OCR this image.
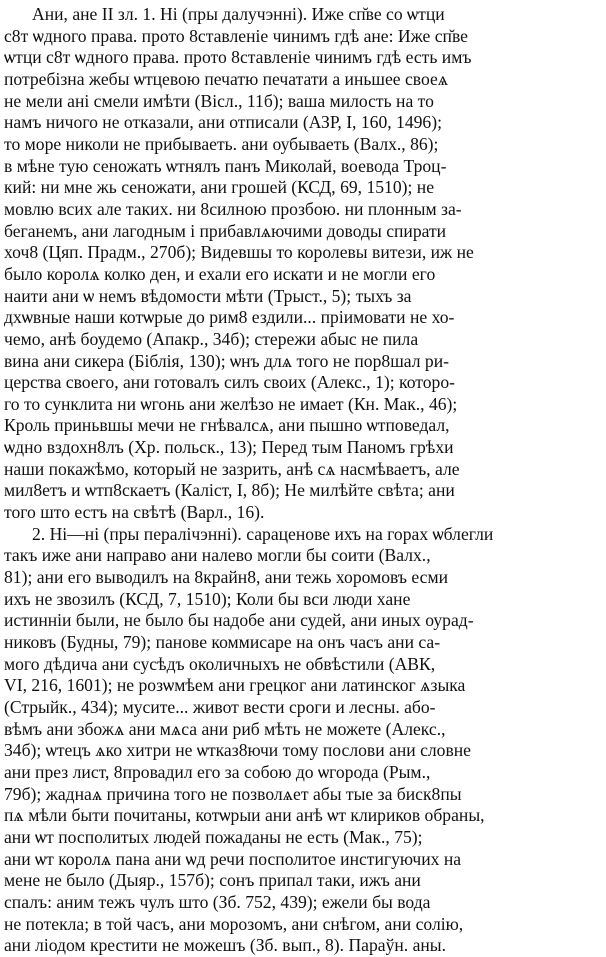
Ани, ане II зл. 1. Ні (пры далучэнні). Иже сп̆ве со ѡтци
с8т ѡдного права. прото 8ставленіе чинимъ гдѣ ане: Иже сп̆ве
ѡтци с8т ѡдного права. прото 8ставленіе чинимъ гдѣ есть имъ
потребізна жебы ѡтцевою печатю печатати а иньшее своеѧ
не мели ані смели имѣти (Вісл., 11б); ваша милость на то
намъ ничого не отказали, ани отписали (АЗР, І, 160, 1496);
то море николи не прибываеть. ани оубываеть (Валх., 86);
в мѣне тую сеножать ѡтнялъ панъ Миколай, воевода Троц-
кий: ни мне жь сеножати, ани грошей (КСД, 69, 1510); не
мовлю всих але таких. ни 8силною прозбою. ни плонным за-
беганемъ, ани лагодным і прибавлѧючими доводы спирати
хоч8 (Цяп. Прадм., 270б); Видевшы то королевы витези, иж не
было королѧ колко ден, и ехали его искати и не могли его
наити ани ѡ немъ вѣдомости мѣти (Трыст., 5); тыхъ за
дхѡвные наши котѡрые до рим8 ездили... пріимовати не хо-
чемо, анѣ боудемо (Апакр., 34б); стережи абыс не пила
вина ани сикера (Біблія, 130); ѡнъ длѧ того не пор8шал ри-
церства своего, ани готовалъ силъ своих (Алекс., 1); которо-
го то сунклита ни ѡгонь ани желѣзо не имает (Кн. Мак., 46);
Кроль приньвшы мечи не гнѣвалсѧ, ани пышно ѡтповедал,
ѡдно вздохн8лъ (Хр. польск., 13); Перед тым Паномъ грѣхи
наши покажѣмо, который не зазрить, анѣ сѧ насмѣваетъ, але
мил8етъ и ѡтп8скаетъ (Каліст, І, 8б); Не милѣйте свѣта; ани
того што естъ на свѣтѣ (Варл., 16).
2. Ні—ні (пры пералічэнні). сараценове ихъ на горах ѡблегли
такъ иже ани направо ани налево могли бы соити (Валх.,
81); ани его выводилъ на 8крайн8, ани тежь хоромовъ есми
ихъ не звозилъ (КСД, 7, 1510); Коли бы вси люди хане
истинніи были, не было бы надобе ани судей, ани иных оурад-
никовъ (Будны, 79); панове коммисаре на онъ часъ ани са-
мого дѣдича ани сусѣдъ околичныхъ не обвѣстили (АВК,
VI, 216, 1601); не розѡмѣем ани грецког ани латинског ѧзыка
(Стрыйк., 434); мусите... живот вести сроги и лесны. або-
вѣмъ ани збожѧ ани мѧса ани риб мѣть не можете (Алекс.,
34б); ѡтецъ ѧко хитри не ѡтказ8ючи тому послови ани словне
ани през лист, 8провадил его за собою до ѡгорода (Рым.,
79б); жаднаѧ причина того не позволѧет абы тые за биск8пы
пѧ мѣли быти почитаны, котѡрыи ани анѣ ѡт клириков обраны,
ани ѡт посполитых людей пожаданы не есть (Мак., 75);
ани ѡт королѧ пана ани ѡд речи посполитое инстигуючих на
мене не было (Дыяр., 157б); сонъ припал таки, ижъ ани
спалъ: аним тежъ чулъ што (Зб. 752, 439); ежели бы вода
не потекла; в той часъ, ани морозомъ, ани снѣгом, ани солію,
ани ліодом крестити не можешъ (Зб. вып., 8). Параўн. аны.
